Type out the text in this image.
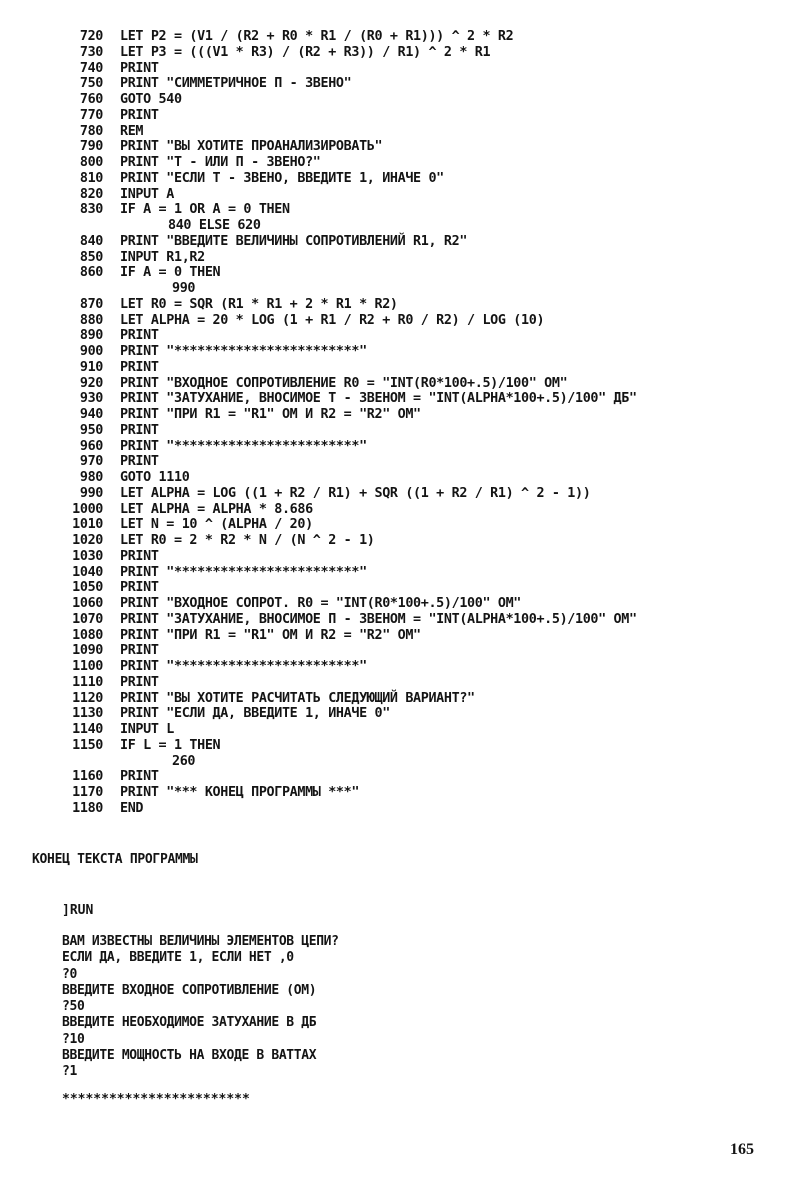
720 LET P2 = (V1 / (R2 + R0 * R1 / (R0 + R1))) ^ 2 * R2
730 LET P3 = (((V1 * R3) / (R2 + R3)) / R1) ^ 2 * R1
740 PRINT
750 PRINT "СИММЕТРИЧНОЕ П - ЗВЕНО"
760 GOTO 540
770 PRINT
780 REM
790 PRINT "ВЫ ХОТИТЕ ПРОАНАЛИЗИРОВАТЬ"
800 PRINT "Т - ИЛИ П - ЗВЕНО?"
810 PRINT "ЕСЛИ Т - ЗВЕНО, ВВЕДИТЕ 1, ИНАЧЕ 0"
820 INPUT A
830 IF A = 1 OR A = 0 THEN
840 ELSE 620
840 PRINT "ВВЕДИТЕ ВЕЛИЧИНЫ СОПРОТИВЛЕНИЙ R1, R2"
850 INPUT R1,R2
860 IF A = 0 THEN
990
870 LET R0 = SQR (R1 * R1 + 2 * R1 * R2)
880 LET ALPHA = 20 * LOG (1 + R1 / R2 + R0 / R2) / LOG (10)
890 PRINT
900 PRINT "************************"
910 PRINT
920 PRINT "ВХОДНОЕ СОПРОТИВЛЕНИЕ R0 = "INT(R0*100+.5)/100" ОМ"
930 PRINT "ЗАТУХАНИЕ, ВНОСИМОЕ Т - ЗВЕНОМ = "INT(ALPHA*100+.5)/100" ДБ"
940 PRINT "ПРИ R1 = "R1" ОМ И R2 = "R2" ОМ"
950 PRINT
960 PRINT "************************"
970 PRINT
980 GOTO 1110
990 LET ALPHA = LOG ((1 + R2 / R1) + SQR ((1 + R2 / R1) ^ 2 - 1))
1000 LET ALPHA = ALPHA * 8.686
1010 LET N = 10 ^ (ALPHA / 20)
1020 LET R0 = 2 * R2 * N / (N ^ 2 - 1)
1030 PRINT
1040 PRINT "************************"
1050 PRINT
1060 PRINT "ВХОДНОЕ СОПРОТ. R0 = "INT(R0*100+.5)/100" ОМ"
1070 PRINT "ЗАТУХАНИЕ, ВНОСИМОЕ П - ЗВЕНОМ = "INT(ALPHA*100+.5)/100" ОМ"
1080 PRINT "ПРИ R1 = "R1" ОМ И R2 = "R2" ОМ"
1090 PRINT
1100 PRINT "************************"
1110 PRINT
1120 PRINT "ВЫ ХОТИТЕ РАСЧИТАТЬ СЛЕДУЮЩИЙ ВАРИАНТ?"
1130 PRINT "ЕСЛИ ДА, ВВЕДИТЕ 1, ИНАЧЕ 0"
1140 INPUT L
1150 IF L = 1 THEN
260
1160 PRINT
1170 PRINT "*** КОНЕЦ ПРОГРАММЫ ***"
1180 END
КОНЕЦ ТЕКСТА ПРОГРАММЫ
]RUN
ВАМ ИЗВЕСТНЫ ВЕЛИЧИНЫ ЭЛЕМЕНТОВ ЦЕПИ?
ЕСЛИ ДА, ВВЕДИТЕ 1, ЕСЛИ НЕТ ,0
?0
ВВЕДИТЕ ВХОДНОЕ СОПРОТИВЛЕНИЕ (ОМ)
?50
ВВЕДИТЕ НЕОБХОДИМОЕ ЗАТУХАНИЕ В ДБ
?10
ВВЕДИТЕ МОЩНОСТЬ НА ВХОДЕ В ВАТТАХ
?1
************************
165
